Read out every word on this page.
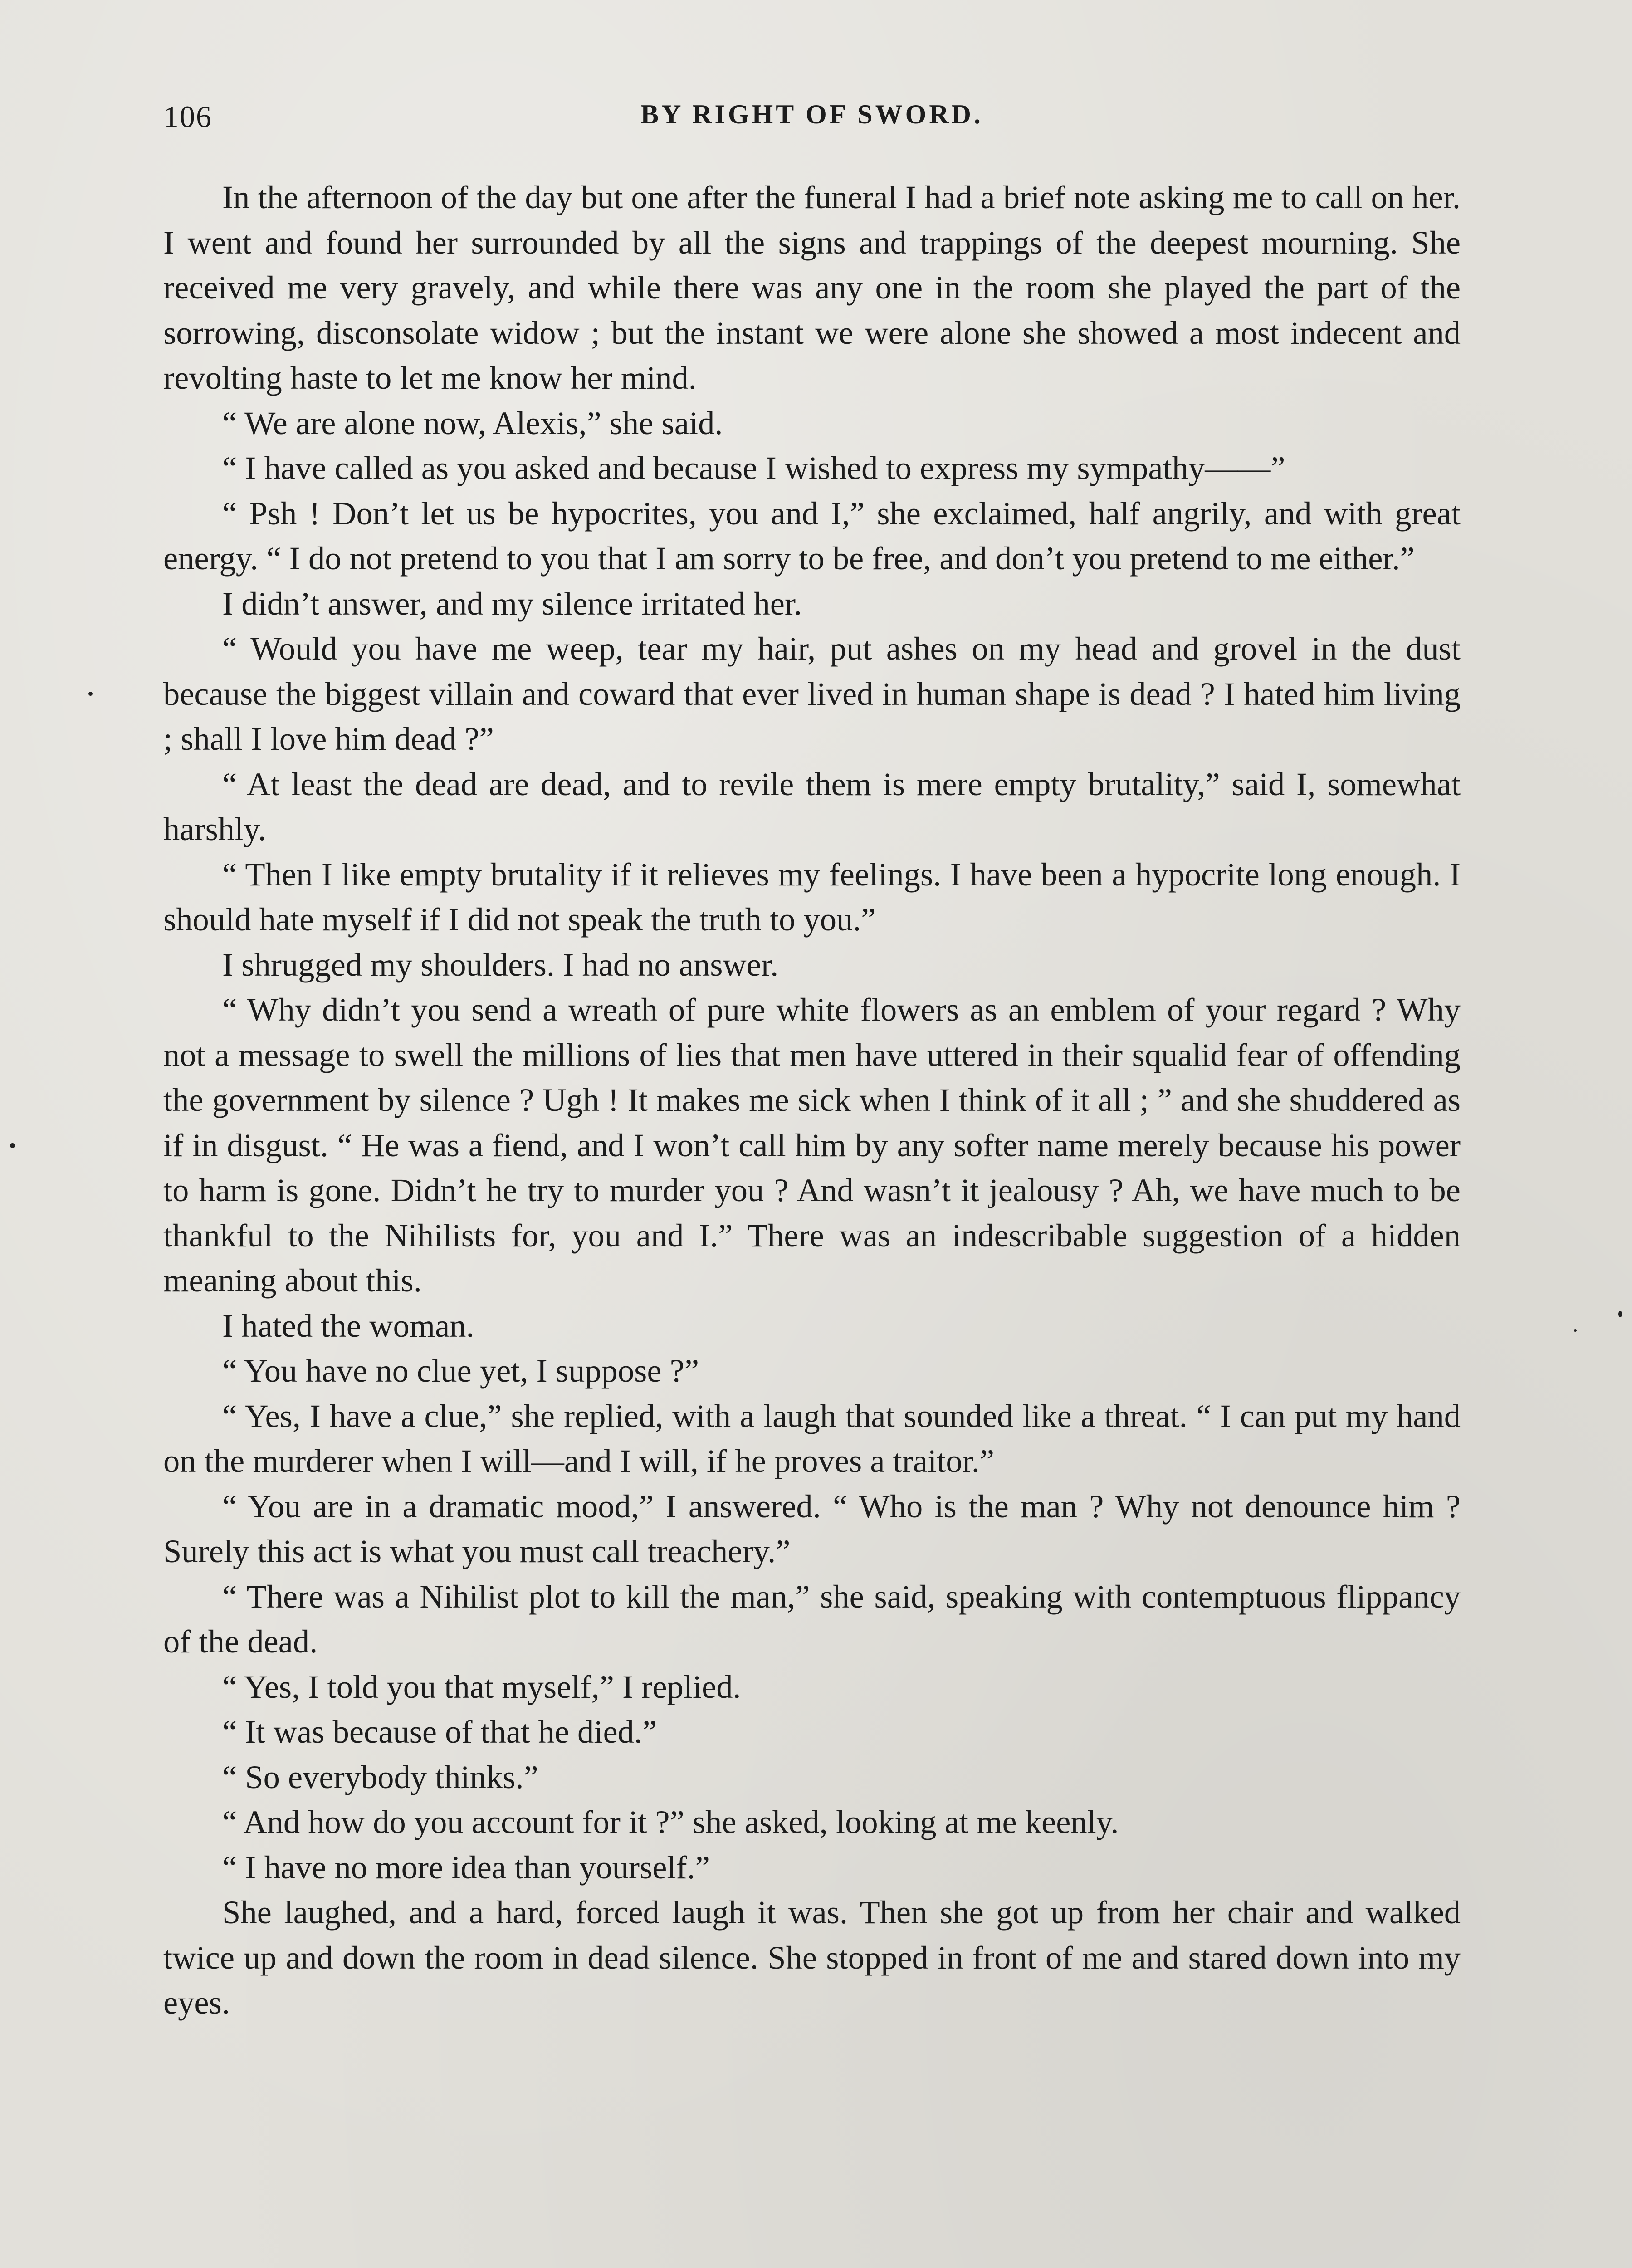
106	BY RIGHT OF SWORD.

In the afternoon of the day but one after the funeral I had a brief note asking me to call on her. I went and found her surrounded by all the signs and trappings of the deepest mourning. She received me very gravely, and while there was any one in the room she played the part of the sorrowing, disconsolate widow ; but the instant we were alone she showed a most indecent and revolting haste to let me know her mind.

“ We are alone now, Alexis,” she said.

“ I have called as you asked and because I wished to express my sympathy——”

“ Psh ! Don’t let us be hypocrites, you and I,” she exclaimed, half angrily, and with great energy. “ I do not pretend to you that I am sorry to be free, and don’t you pretend to me either.”

I didn’t answer, and my silence irritated her.

“ Would you have me weep, tear my hair, put ashes on my head and grovel in the dust because the biggest villain and coward that ever lived in human shape is dead ? I hated him living ; shall I love him dead ?”

“ At least the dead are dead, and to revile them is mere empty brutality,” said I, somewhat harshly.

“ Then I like empty brutality if it relieves my feelings. I have been a hypocrite long enough. I should hate myself if I did not speak the truth to you.”

I shrugged my shoulders. I had no answer.

“ Why didn’t you send a wreath of pure white flowers as an emblem of your regard ? Why not a message to swell the millions of lies that men have uttered in their squalid fear of offending the government by silence ? Ugh ! It makes me sick when I think of it all ; ” and she shuddered as if in disgust. “ He was a fiend, and I won’t call him by any softer name merely because his power to harm is gone. Didn’t he try to murder you ? And wasn’t it jealousy ? Ah, we have much to be thankful to the Nihilists for, you and I.” There was an indescribable suggestion of a hidden meaning about this.

I hated the woman.

“ You have no clue yet, I suppose ?”

“ Yes, I have a clue,” she replied, with a laugh that sounded like a threat. “ I can put my hand on the murderer when I will—and I will, if he proves a traitor.”

“ You are in a dramatic mood,” I answered. “ Who is the man ? Why not denounce him ? Surely this act is what you must call treachery.”

“ There was a Nihilist plot to kill the man,” she said, speaking with contemptuous flippancy of the dead.

“ Yes, I told you that myself,” I replied.

“ It was because of that he died.”

“ So everybody thinks.”

“ And how do you account for it ?” she asked, looking at me keenly.

“ I have no more idea than yourself.”

She laughed, and a hard, forced laugh it was. Then she got up from her chair and walked twice up and down the room in dead silence. She stopped in front of me and stared down into my eyes.
